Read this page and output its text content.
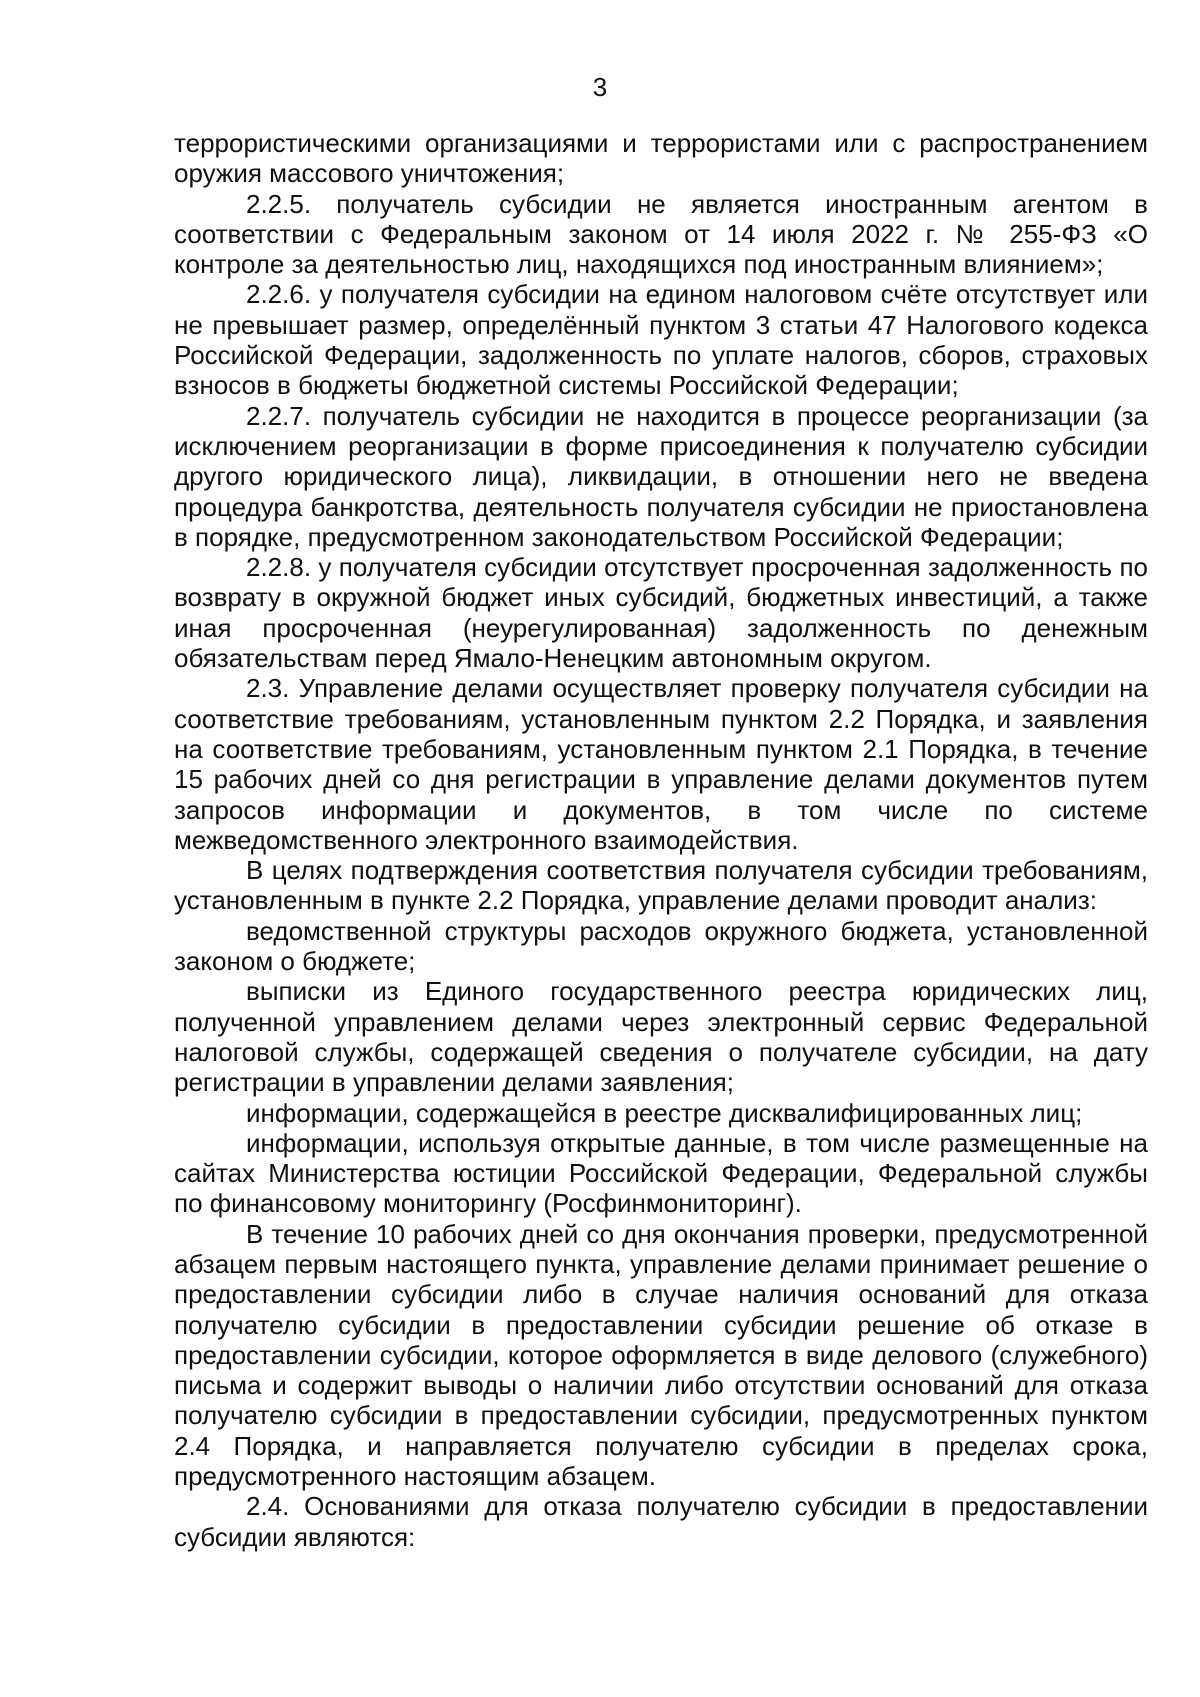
3

террористическими организациями и террористами или с распространением оружия массового уничтожения;

2.2.5. получатель субсидии не является иностранным агентом в соответствии с Федеральным законом от 14 июля 2022 г. № 255-ФЗ «О контроле за деятельностью лиц, находящихся под иностранным влиянием»;

2.2.6. у получателя субсидии на едином налоговом счёте отсутствует или не превышает размер, определённый пунктом 3 статьи 47 Налогового кодекса Российской Федерации, задолженность по уплате налогов, сборов, страховых взносов в бюджеты бюджетной системы Российской Федерации;

2.2.7. получатель субсидии не находится в процессе реорганизации (за исключением реорганизации в форме присоединения к получателю субсидии другого юридического лица), ликвидации, в отношении него не введена процедура банкротства, деятельность получателя субсидии не приостановлена в порядке, предусмотренном законодательством Российской Федерации;

2.2.8. у получателя субсидии отсутствует просроченная задолженность по возврату в окружной бюджет иных субсидий, бюджетных инвестиций, а также иная просроченная (неурегулированная) задолженность по денежным обязательствам перед Ямало-Ненецким автономным округом.

2.3. Управление делами осуществляет проверку получателя субсидии на соответствие требованиям, установленным пунктом 2.2 Порядка, и заявления на соответствие требованиям, установленным пунктом 2.1 Порядка, в течение 15 рабочих дней со дня регистрации в управление делами документов путем запросов информации и документов, в том числе по системе межведомственного электронного взаимодействия.

В целях подтверждения соответствия получателя субсидии требованиям, установленным в пункте 2.2 Порядка, управление делами проводит анализ:

ведомственной структуры расходов окружного бюджета, установленной законом о бюджете;

выписки из Единого государственного реестра юридических лиц, полученной управлением делами через электронный сервис Федеральной налоговой службы, содержащей сведения о получателе субсидии, на дату регистрации в управлении делами заявления;

информации, содержащейся в реестре дисквалифицированных лиц;

информации, используя открытые данные, в том числе размещенные на сайтах Министерства юстиции Российской Федерации, Федеральной службы по финансовому мониторингу (Росфинмониторинг).

В течение 10 рабочих дней со дня окончания проверки, предусмотренной абзацем первым настоящего пункта, управление делами принимает решение о предоставлении субсидии либо в случае наличия оснований для отказа получателю субсидии в предоставлении субсидии решение об отказе в предоставлении субсидии, которое оформляется в виде делового (служебного) письма и содержит выводы о наличии либо отсутствии оснований для отказа получателю субсидии в предоставлении субсидии, предусмотренных пунктом 2.4 Порядка, и направляется получателю субсидии в пределах срока, предусмотренного настоящим абзацем.

2.4. Основаниями для отказа получателю субсидии в предоставлении субсидии являются:
